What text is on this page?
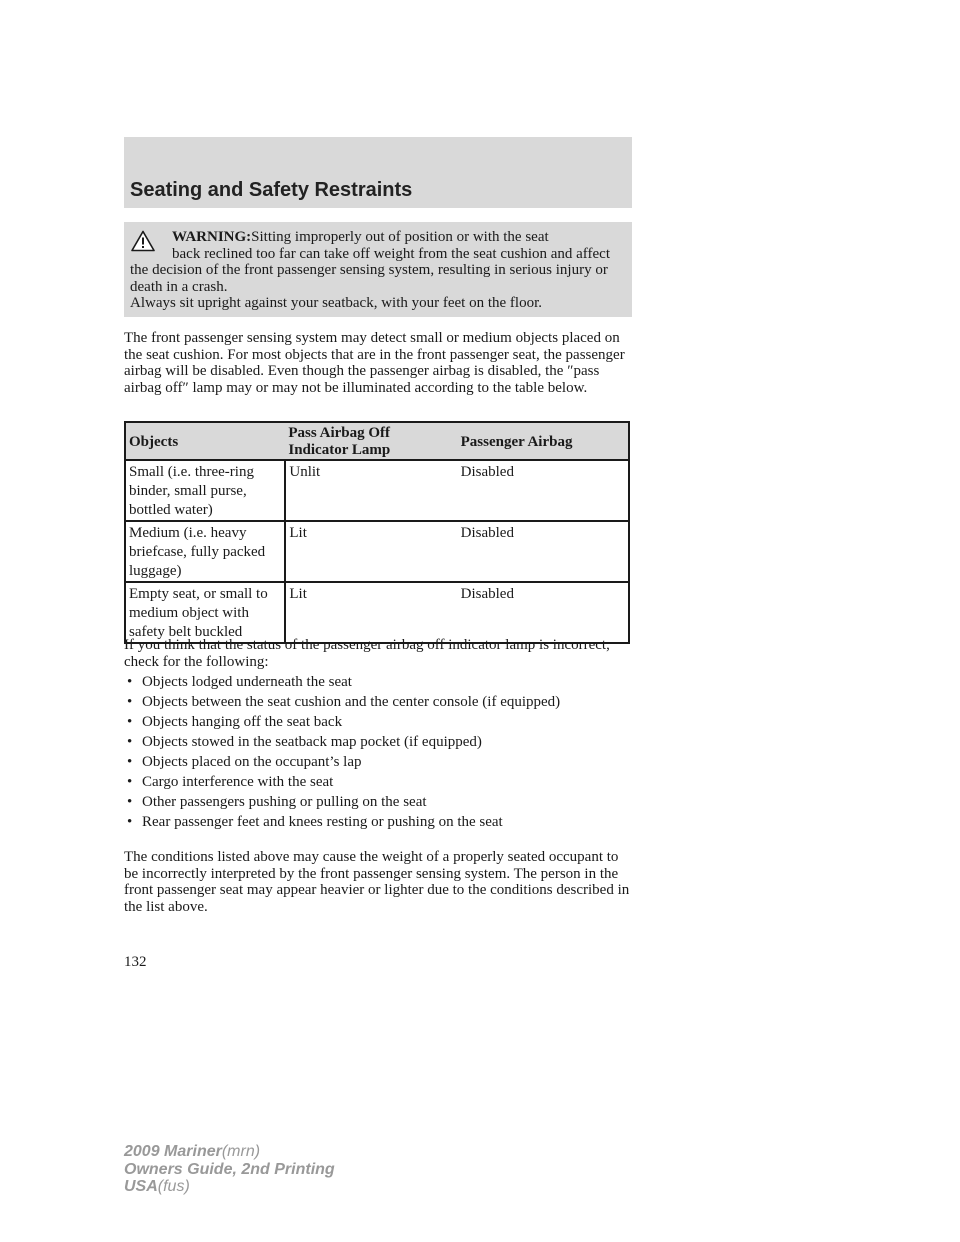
Seating and Safety Restraints

WARNING:Sitting improperly out of position or with the seat
back reclined too far can take off weight from the seat cushion and affect the decision of the front passenger sensing system, resulting in serious injury or death in a crash.
Always sit upright against your seatback, with your feet on the floor.

The front passenger sensing system may detect small or medium objects placed on the seat cushion. For most objects that are in the front passenger seat, the passenger airbag will be disabled. Even though the passenger airbag is disabled, the ″pass airbag off″ lamp may or may not be illuminated according to the table below.

Objects	Pass Airbag Off Indicator Lamp	Passenger Airbag
Small (i.e. three-ring binder, small purse, bottled water)	Unlit	Disabled
Medium (i.e. heavy briefcase, fully packed luggage)	Lit	Disabled
Empty seat, or small to medium object with safety belt buckled	Lit	Disabled

If you think that the status of the passenger airbag off indicator lamp is incorrect, check for the following:

• Objects lodged underneath the seat
• Objects between the seat cushion and the center console (if equipped)
• Objects hanging off the seat back
• Objects stowed in the seatback map pocket (if equipped)
• Objects placed on the occupant’s lap
• Cargo interference with the seat
• Other passengers pushing or pulling on the seat
• Rear passenger feet and knees resting or pushing on the seat

The conditions listed above may cause the weight of a properly seated occupant to be incorrectly interpreted by the front passenger sensing system. The person in the front passenger seat may appear heavier or lighter due to the conditions described in the list above.

132

2009 Mariner(mrn)
Owners Guide, 2nd Printing
USA(fus)
